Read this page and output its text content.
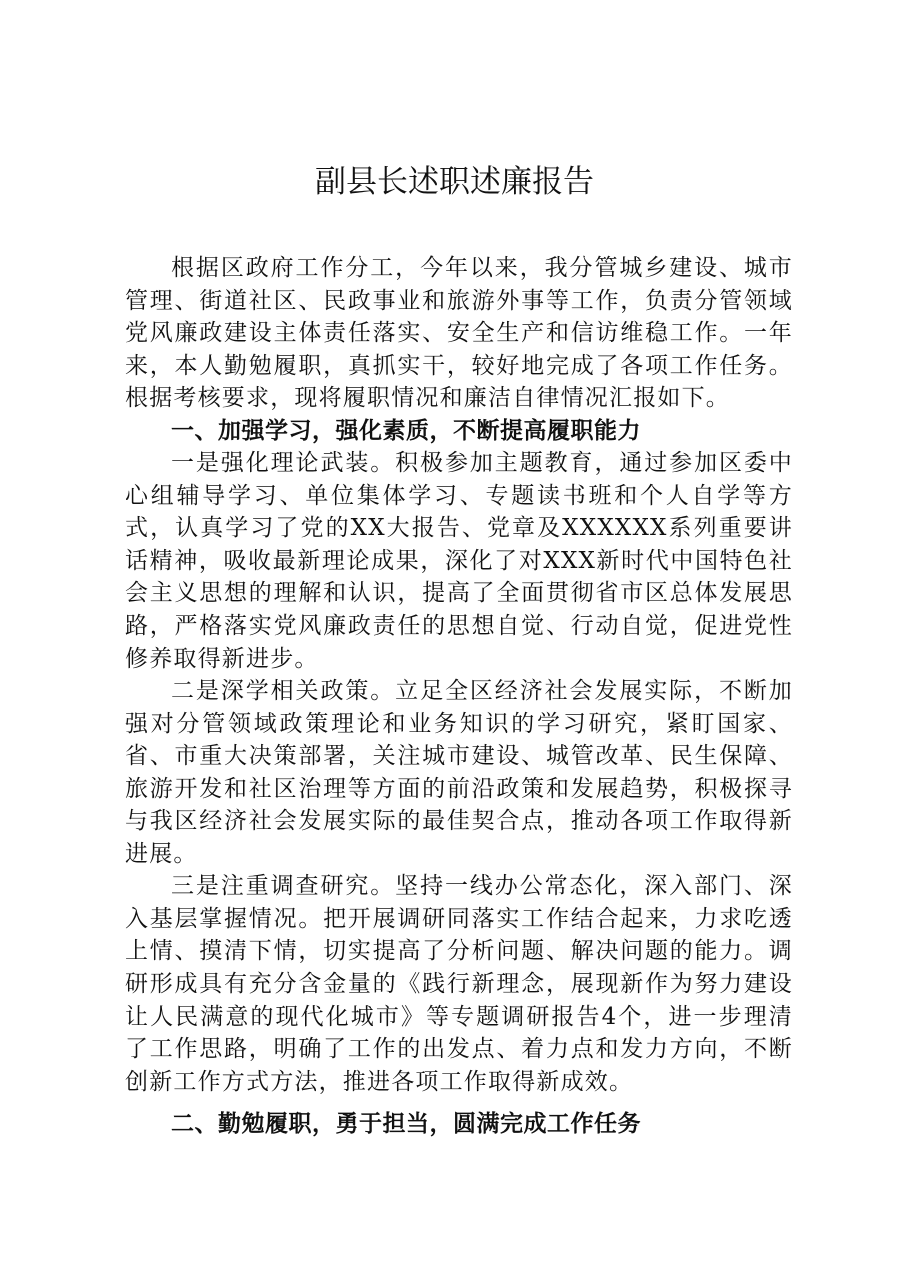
副县长述职述廉报告

根据区政府工作分工，今年以来，我分管城乡建设、城市管理、街道社区、民政事业和旅游外事等工作，负责分管领域党风廉政建设主体责任落实、安全生产和信访维稳工作。一年来，本人勤勉履职，真抓实干，较好地完成了各项工作任务。根据考核要求，现将履职情况和廉洁自律情况汇报如下。

一、加强学习，强化素质，不断提高履职能力

一是强化理论武装。积极参加主题教育，通过参加区委中心组辅导学习、单位集体学习、专题读书班和个人自学等方式，认真学习了党的XX大报告、党章及XXXXXX系列重要讲话精神，吸收最新理论成果，深化了对XXX新时代中国特色社会主义思想的理解和认识，提高了全面贯彻省市区总体发展思路，严格落实党风廉政责任的思想自觉、行动自觉，促进党性修养取得新进步。

二是深学相关政策。立足全区经济社会发展实际，不断加强对分管领域政策理论和业务知识的学习研究，紧盯国家、省、市重大决策部署，关注城市建设、城管改革、民生保障、旅游开发和社区治理等方面的前沿政策和发展趋势，积极探寻与我区经济社会发展实际的最佳契合点，推动各项工作取得新进展。

三是注重调查研究。坚持一线办公常态化，深入部门、深入基层掌握情况。把开展调研同落实工作结合起来，力求吃透上情、摸清下情，切实提高了分析问题、解决问题的能力。调研形成具有充分含金量的《践行新理念，展现新作为努力建设让人民满意的现代化城市》等专题调研报告4个，进一步理清了工作思路，明确了工作的出发点、着力点和发力方向，不断创新工作方式方法，推进各项工作取得新成效。

二、勤勉履职，勇于担当，圆满完成工作任务
